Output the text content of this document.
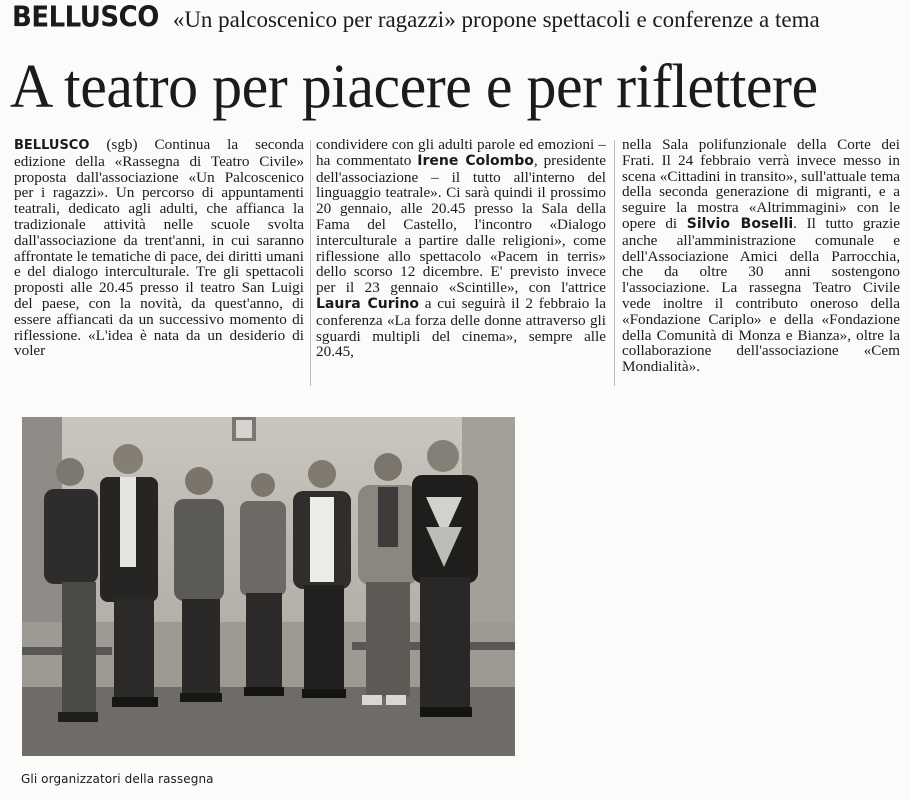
BELLUSCO «Un palcoscenico per ragazzi» propone spettacoli e conferenze a tema
A teatro per piacere e per riflettere
BELLUSCO (sgb) Continua la seconda edizione della «Rassegna di Teatro Civile» proposta dall'associazione «Un Palcoscenico per i ragazzi». Un percorso di appuntamenti teatrali, dedicato agli adulti, che affianca la tradizionale attività nelle scuole svolta dall'associazione da trent'anni, in cui saranno affrontate le tematiche di pace, dei diritti umani e del dialogo interculturale. Tre gli spettacoli proposti alle 20.45 presso il teatro San Luigi del paese, con la novità, da quest'anno, di essere affiancati da un successivo momento di riflessione. «L'idea è nata da un desiderio di voler
condividere con gli adulti parole ed emozioni – ha commentato Irene Colombo, presidente dell'associazione – il tutto all'interno del linguaggio teatrale». Ci sarà quindi il prossimo 20 gennaio, alle 20.45 presso la Sala della Fama del Castello, l'incontro «Dialogo interculturale a partire dalle religioni», come riflessione allo spettacolo «Pacem in terris» dello scorso 12 dicembre. E' previsto invece per il 23 gennaio «Scintille», con l'attrice Laura Curino a cui seguirà il 2 febbraio la conferenza «La forza delle donne attraverso gli sguardi multipli del cinema», sempre alle 20.45,
nella Sala polifunzionale della Corte dei Frati. Il 24 febbraio verrà invece messo in scena «Cittadini in transito», sull'attuale tema della seconda generazione di migranti, e a seguire la mostra «Altrimmagini» con le opere di Silvio Boselli. Il tutto grazie anche all'amministrazione comunale e dell'Associazione Amici della Parrocchia, che da oltre 30 anni sostengono l'associazione. La rassegna Teatro Civile vede inoltre il contributo oneroso della «Fondazione Cariplo» e della «Fondazione della Comunità di Monza e Bianza», oltre la collaborazione dell'associazione «Cem Mondialità».
Gli organizzatori della rassegna
